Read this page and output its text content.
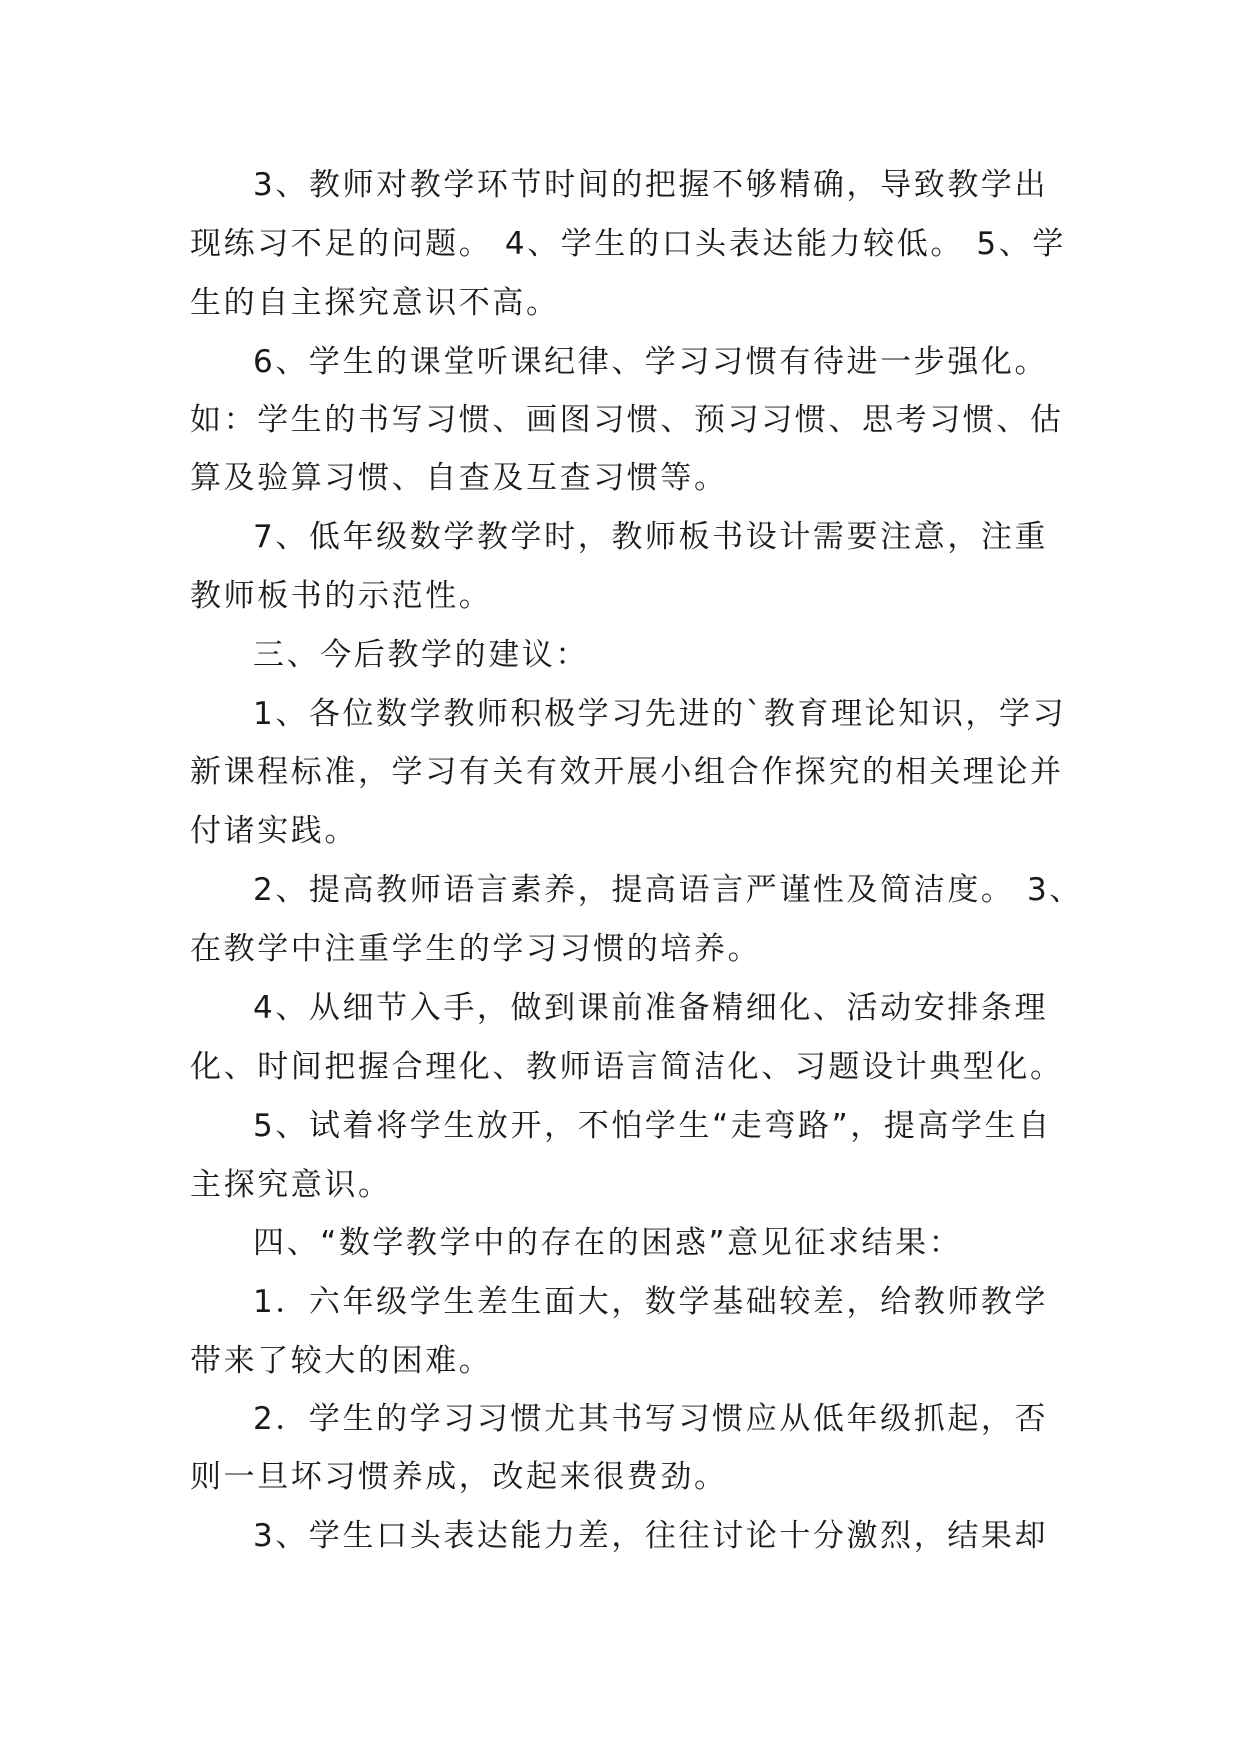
3、教师对教学环节时间的把握不够精确，导致教学出
现练习不足的问题。 4、学生的口头表达能力较低。 5、学
生的自主探究意识不高。
6、学生的课堂听课纪律、学习习惯有待进一步强化。
如：学生的书写习惯、画图习惯、预习习惯、思考习惯、估
算及验算习惯、自查及互查习惯等。
7、低年级数学教学时，教师板书设计需要注意，注重
教师板书的示范性。
三、今后教学的建议：
1、各位数学教师积极学习先进的`教育理论知识，学习
新课程标准，学习有关有效开展小组合作探究的相关理论并
付诸实践。
2、提高教师语言素养，提高语言严谨性及简洁度。 3、
在教学中注重学生的学习习惯的培养。
4、从细节入手，做到课前准备精细化、活动安排条理
化、时间把握合理化、教师语言简洁化、习题设计典型化。
5、试着将学生放开，不怕学生“走弯路”，提高学生自
主探究意识。
四、“数学教学中的存在的困惑”意见征求结果：
1．六年级学生差生面大，数学基础较差，给教师教学
带来了较大的困难。
2．学生的学习习惯尤其书写习惯应从低年级抓起，否
则一旦坏习惯养成，改起来很费劲。
3、学生口头表达能力差，往往讨论十分激烈，结果却
